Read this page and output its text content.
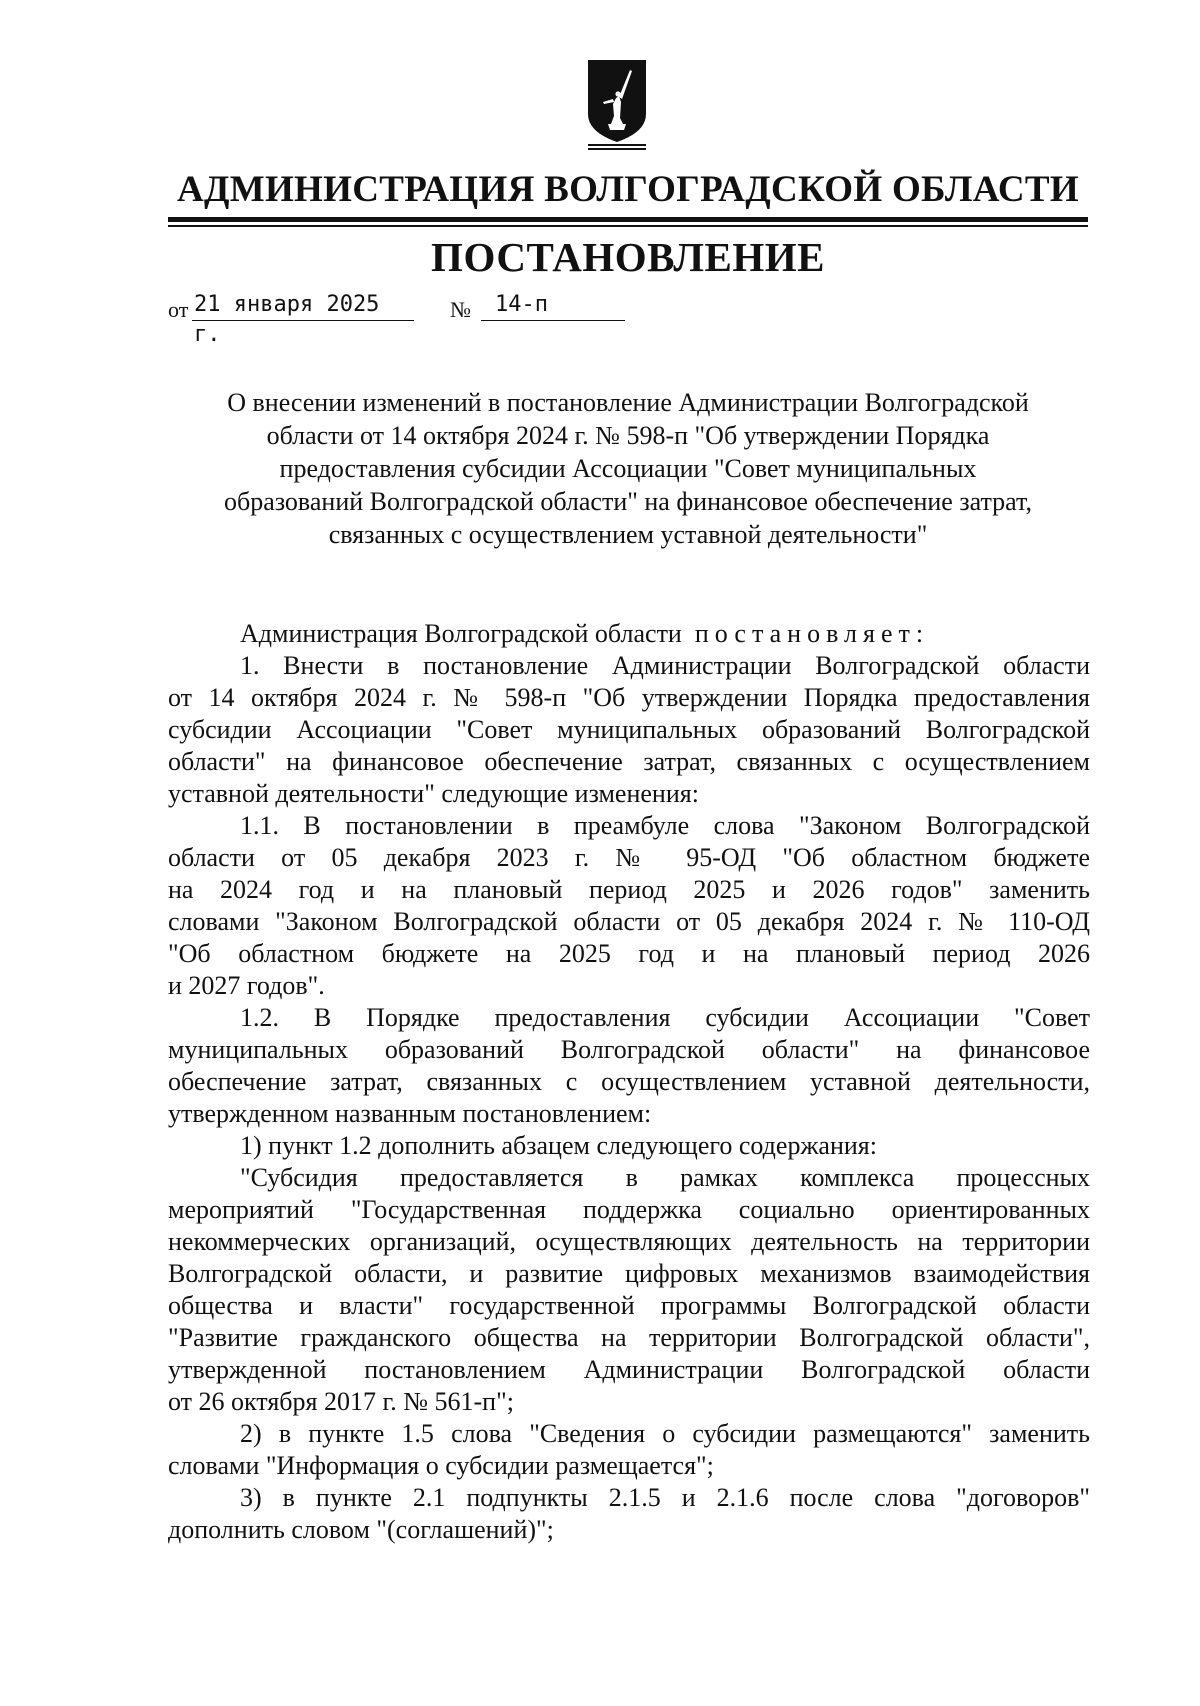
АДМИНИСТРАЦИЯ ВОЛГОГРАДСКОЙ ОБЛАСТИ
ПОСТАНОВЛЕНИЕ
от 21 января 2025 г.
№	14-п
О внесении изменений в постановление Администрации Волгоградской
области от 14 октября 2024 г. № 598-п "Об утверждении Порядка
предоставления субсидии Ассоциации "Совет муниципальных
образований Волгоградской области" на финансовое обеспечение затрат,
связанных с осуществлением уставной деятельности"
Администрация Волгоградской области постановляет:
1. Внести в постановление Администрации Волгоградской области
от 14 октября 2024 г. № 598-п "Об утверждении Порядка предоставления
субсидии Ассоциации "Совет муниципальных образований Волгоградской
области" на финансовое обеспечение затрат, связанных с осуществлением
уставной деятельности" следующие изменения:
1.1. В постановлении в преамбуле слова "Законом Волгоградской
области от 05 декабря 2023 г. № 95-ОД "Об областном бюджете
на 2024 год и на плановый период 2025 и 2026 годов" заменить
словами "Законом Волгоградской области от 05 декабря 2024 г. № 110-ОД
"Об областном бюджете на 2025 год и на плановый период 2026
и 2027 годов".
1.2. В Порядке предоставления субсидии Ассоциации "Совет
муниципальных образований Волгоградской области" на финансовое
обеспечение затрат, связанных с осуществлением уставной деятельности,
утвержденном названным постановлением:
1) пункт 1.2 дополнить абзацем следующего содержания:
"Субсидия предоставляется в рамках комплекса процессных
мероприятий "Государственная поддержка социально ориентированных
некоммерческих организаций, осуществляющих деятельность на территории
Волгоградской области, и развитие цифровых механизмов взаимодействия
общества и власти" государственной программы Волгоградской области
"Развитие гражданского общества на территории Волгоградской области",
утвержденной постановлением Администрации Волгоградской области
от 26 октября 2017 г. № 561-п";
2) в пункте 1.5 слова "Сведения о субсидии размещаются" заменить
словами "Информация о субсидии размещается";
3) в пункте 2.1 подпункты 2.1.5 и 2.1.6 после слова "договоров"
дополнить словом "(соглашений)";
